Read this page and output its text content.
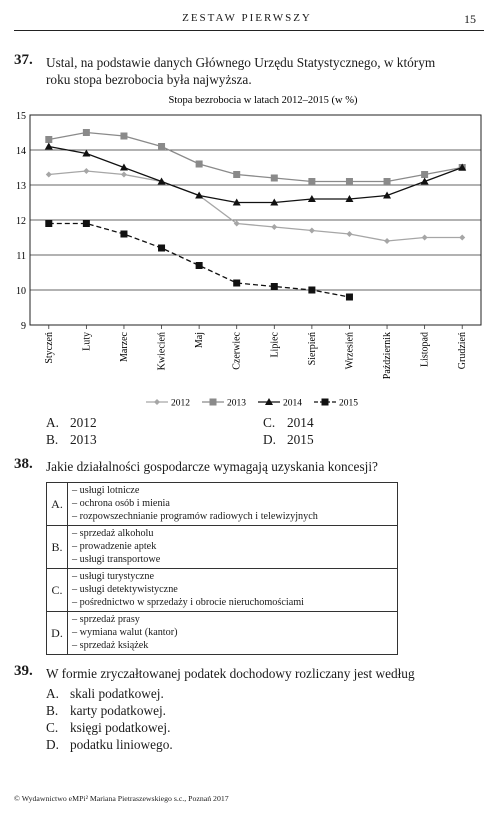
ZESTAW PIERWSZY	15
37. Ustal, na podstawie danych Głównego Urzędu Statystycznego, w którym
roku stopa bezrobocia była najwyższa.
Stopa bezrobocia w latach 2012–2015 (w %)
9
10
11
12
13
14
15
Styczeń	Luty	Marzec	Kwiecień	Maj	Czerwiec	Lipiec	Sierpień	Wrzesień	Październik	Listopad	Grudzień
2012	2013	2014	2015
A. 2012
B. 2013
C. 2014
D. 2015
38. Jakie działalności gospodarcze wymagają uzyskania koncesji?
A.	– usługi lotnicze
– ochrona osób i mienia
– rozpowszechnianie programów radiowych i telewizyjnych

B.	– sprzedaż alkoholu
– prowadzenie aptek
– usługi transportowe

C.	– usługi turystyczne
– usługi detektywistyczne
– pośrednictwo w sprzedaży i obrocie nieruchomościami

D.	– sprzedaż prasy
– wymiana walut (kantor)
– sprzedaż książek
39. W formie zryczałtowanej podatek dochodowy rozliczany jest według
A. skali podatkowej.
B. karty podatkowej.
C. księgi podatkowej.
D. podatku liniowego.
© Wydawnictwo eMPi² Mariana Pietraszewskiego s.c., Poznań 2017
